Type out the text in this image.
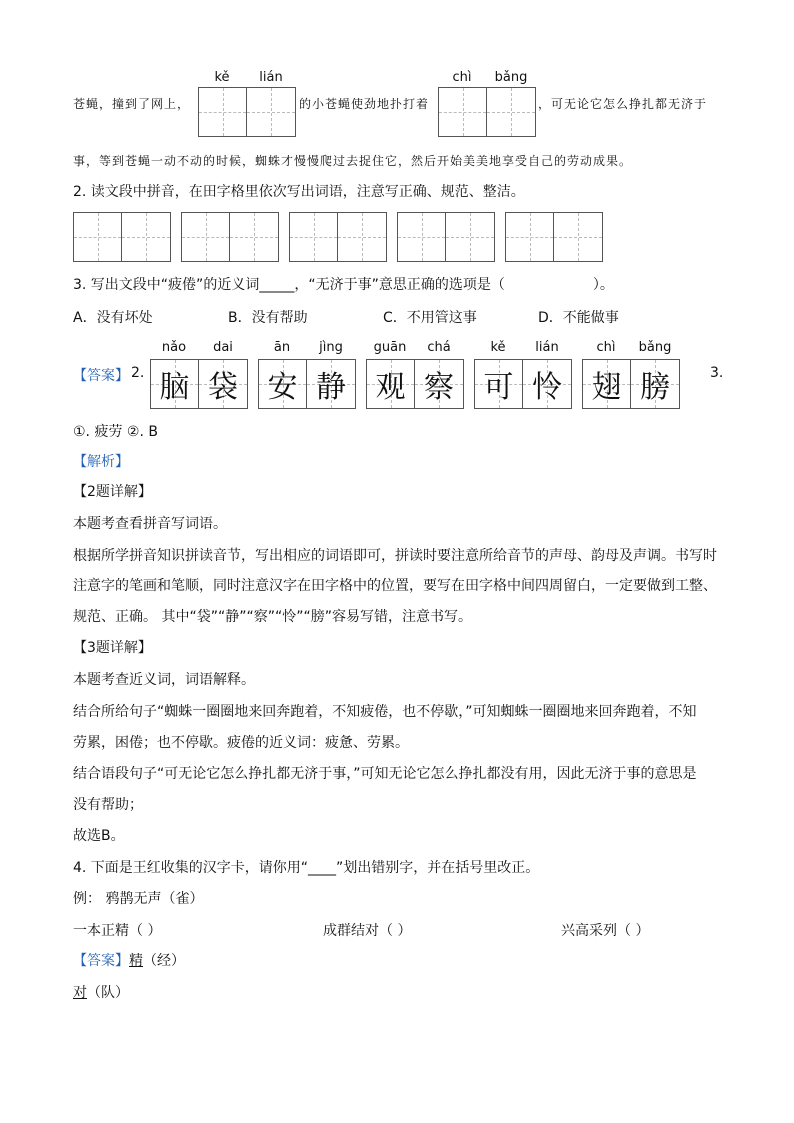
kě	lián	chì	bǎng
苍蝇，撞到了网上，	的小苍蝇使劲地扑打着	，可无论它怎么挣扎都无济于
事，等到苍蝇一动不动的时候，蜘蛛才慢慢爬过去捉住它，然后开始美美地享受自己的劳动成果。
2. 读文段中拼音，在田字格里依次写出词语，注意写正确、规范、整洁。
3. 写出文段中“疲倦”的近义词_____，“无济于事”意思正确的选项是（	）。
A．没有坏处	B．没有帮助	C．不用管这事	D．不能做事
【答案】 2.
nǎo	dai
脑 袋
ān	jìng
安 静
guān	chá
观 察
kě	lián
可 怜
chì	bǎng
翅 膀	3.
①. 疲劳 ②. B
【解析】
【2题详解】
本题考查看拼音写词语。
根据所学拼音知识拼读音节，写出相应的词语即可，拼读时要注意所给音节的声母、韵母及声调。书写时
注意字的笔画和笔顺，同时注意汉字在田字格中的位置，要写在田字格中间四周留白，一定要做到工整、
规范、正确。 其中“袋”“静”“察”“怜”“膀”容易写错，注意书写。
【3题详解】
本题考查近义词，词语解释。
结合所给句子“蜘蛛一圈圈地来回奔跑着，不知疲倦，也不停歇，”可知蜘蛛一圈圈地来回奔跑着，不知
劳累，困倦；也不停歇。疲倦的近义词：疲惫、劳累。
结合语段句子“可无论它怎么挣扎都无济于事，”可知无论它怎么挣扎都没有用，因此无济于事的意思是
没有帮助；
故选B。
4. 下面是王红收集的汉字卡，请你用“____”划出错别字，并在括号里改正。
例： 鸦鹊无声（雀）
一本正精（ ）	成群结对（ ）	兴高采列（ ）
【答案】精（经）
对（队）
